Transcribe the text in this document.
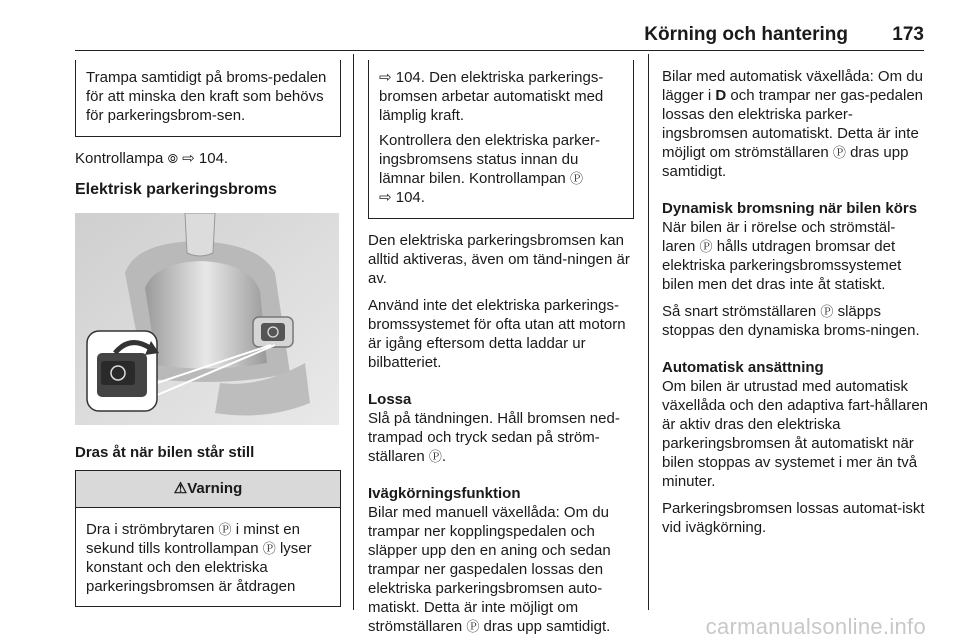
Körning och hantering 173

Trampa samtidigt på broms-pedalen för att minska den kraft som behövs för parkeringsbrom-sen.

Kontrollampa ⦾ ⇨ 104.

Elektrisk parkeringsbroms

Dras åt när bilen står still

⚠Varning
Dra i strömbrytaren Ⓟ i minst en sekund tills kontrollampan Ⓟ lyser konstant och den elektriska parkeringsbromsen är åtdragen

⇨ 104. Den elektriska parkerings-bromsen arbetar automatiskt med lämplig kraft.

Kontrollera den elektriska parker-ingsbromsens status innan du lämnar bilen. Kontrollampan Ⓟ
⇨ 104.

Den elektriska parkeringsbromsen kan alltid aktiveras, även om tänd-ningen är av.

Använd inte det elektriska parkerings-bromssystemet för ofta utan att motorn är igång eftersom detta laddar ur bilbatteriet.

Lossa

Slå på tändningen. Håll bromsen ned-trampad och tryck sedan på ström-ställaren Ⓟ.

Ivägkörningsfunktion

Bilar med manuell växellåda: Om du trampar ner kopplingspedalen och släpper upp den en aning och sedan trampar ner gaspedalen lossas den elektriska parkeringsbromsen auto-matiskt. Detta är inte möjligt om strömställaren Ⓟ dras upp samtidigt.

Bilar med automatisk växellåda: Om du lägger i D och trampar ner gas-pedalen lossas den elektriska parker-ingsbromsen automatiskt. Detta är inte möjligt om strömställaren Ⓟ dras upp samtidigt.

Dynamisk bromsning när bilen körs

När bilen är i rörelse och strömstäl-laren Ⓟ hålls utdragen bromsar det elektriska parkeringsbromssystemet bilen men det dras inte åt statiskt.

Så snart strömställaren Ⓟ släpps stoppas den dynamiska broms-ningen.

Automatisk ansättning

Om bilen är utrustad med automatisk växellåda och den adaptiva fart-hållaren är aktiv dras den elektriska parkeringsbromsen åt automatiskt när bilen stoppas av systemet i mer än två minuter.

Parkeringsbromsen lossas automat-iskt vid ivägkörning.

carmanualsonline.info
